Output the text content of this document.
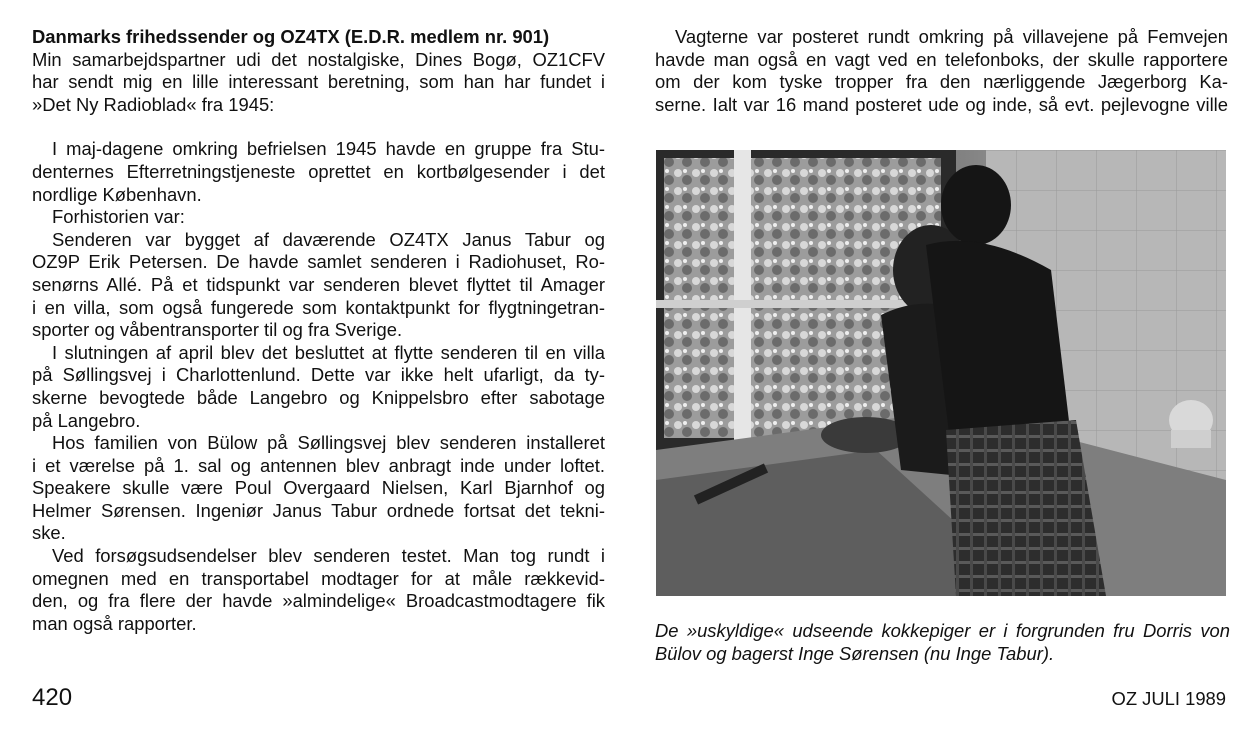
Danmarks frihedssender og OZ4TX (E.D.R. medlem nr. 901)
Min samarbejdspartner udi det nostalgiske, Dines Bogø, OZ1CFV
har sendt mig en lille interessant beretning, som han har fundet i
»Det Ny Radioblad« fra 1945:
I maj-dagene omkring befrielsen 1945 havde en gruppe fra Stu-
denternes Efterretningstjeneste oprettet en kortbølgesender i det
nordlige København.
Forhistorien var:
Senderen var bygget af daværende OZ4TX Janus Tabur og
OZ9P Erik Petersen. De havde samlet senderen i Radiohuset, Ro-
senørns Allé. På et tidspunkt var senderen blevet flyttet til Amager
i en villa, som også fungerede som kontaktpunkt for flygtningetran-
sporter og våbentransporter til og fra Sverige.
I slutningen af april blev det besluttet at flytte senderen til en villa
på Søllingsvej i Charlottenlund. Dette var ikke helt ufarligt, da ty-
skerne bevogtede både Langebro og Knippelsbro efter sabotage
på Langebro.
Hos familien von Bülow på Søllingsvej blev senderen installeret
i et værelse på 1. sal og antennen blev anbragt inde under loftet.
Speakere skulle være Poul Overgaard Nielsen, Karl Bjarnhof og
Helmer Sørensen. Ingeniør Janus Tabur ordnede fortsat det tekni-
ske.
Ved forsøgsudsendelser blev senderen testet. Man tog rundt i
omegnen med en transportabel modtager for at måle rækkevid-
den, og fra flere der havde »almindelige« Broadcastmodtagere fik
man også rapporter.
Vagterne var posteret rundt omkring på villavejene på Femvejen
havde man også en vagt ved en telefonboks, der skulle rapportere
om der kom tyske tropper fra den nærliggende Jægerborg Ka-
serne. Ialt var 16 mand posteret ude og inde, så evt. pejlevogne ville
De »uskyldige« udseende kokkepiger er i forgrunden fru Dorris von
Bülov og bagerst Inge Sørensen (nu Inge Tabur).
420	OZ JULI 1989
